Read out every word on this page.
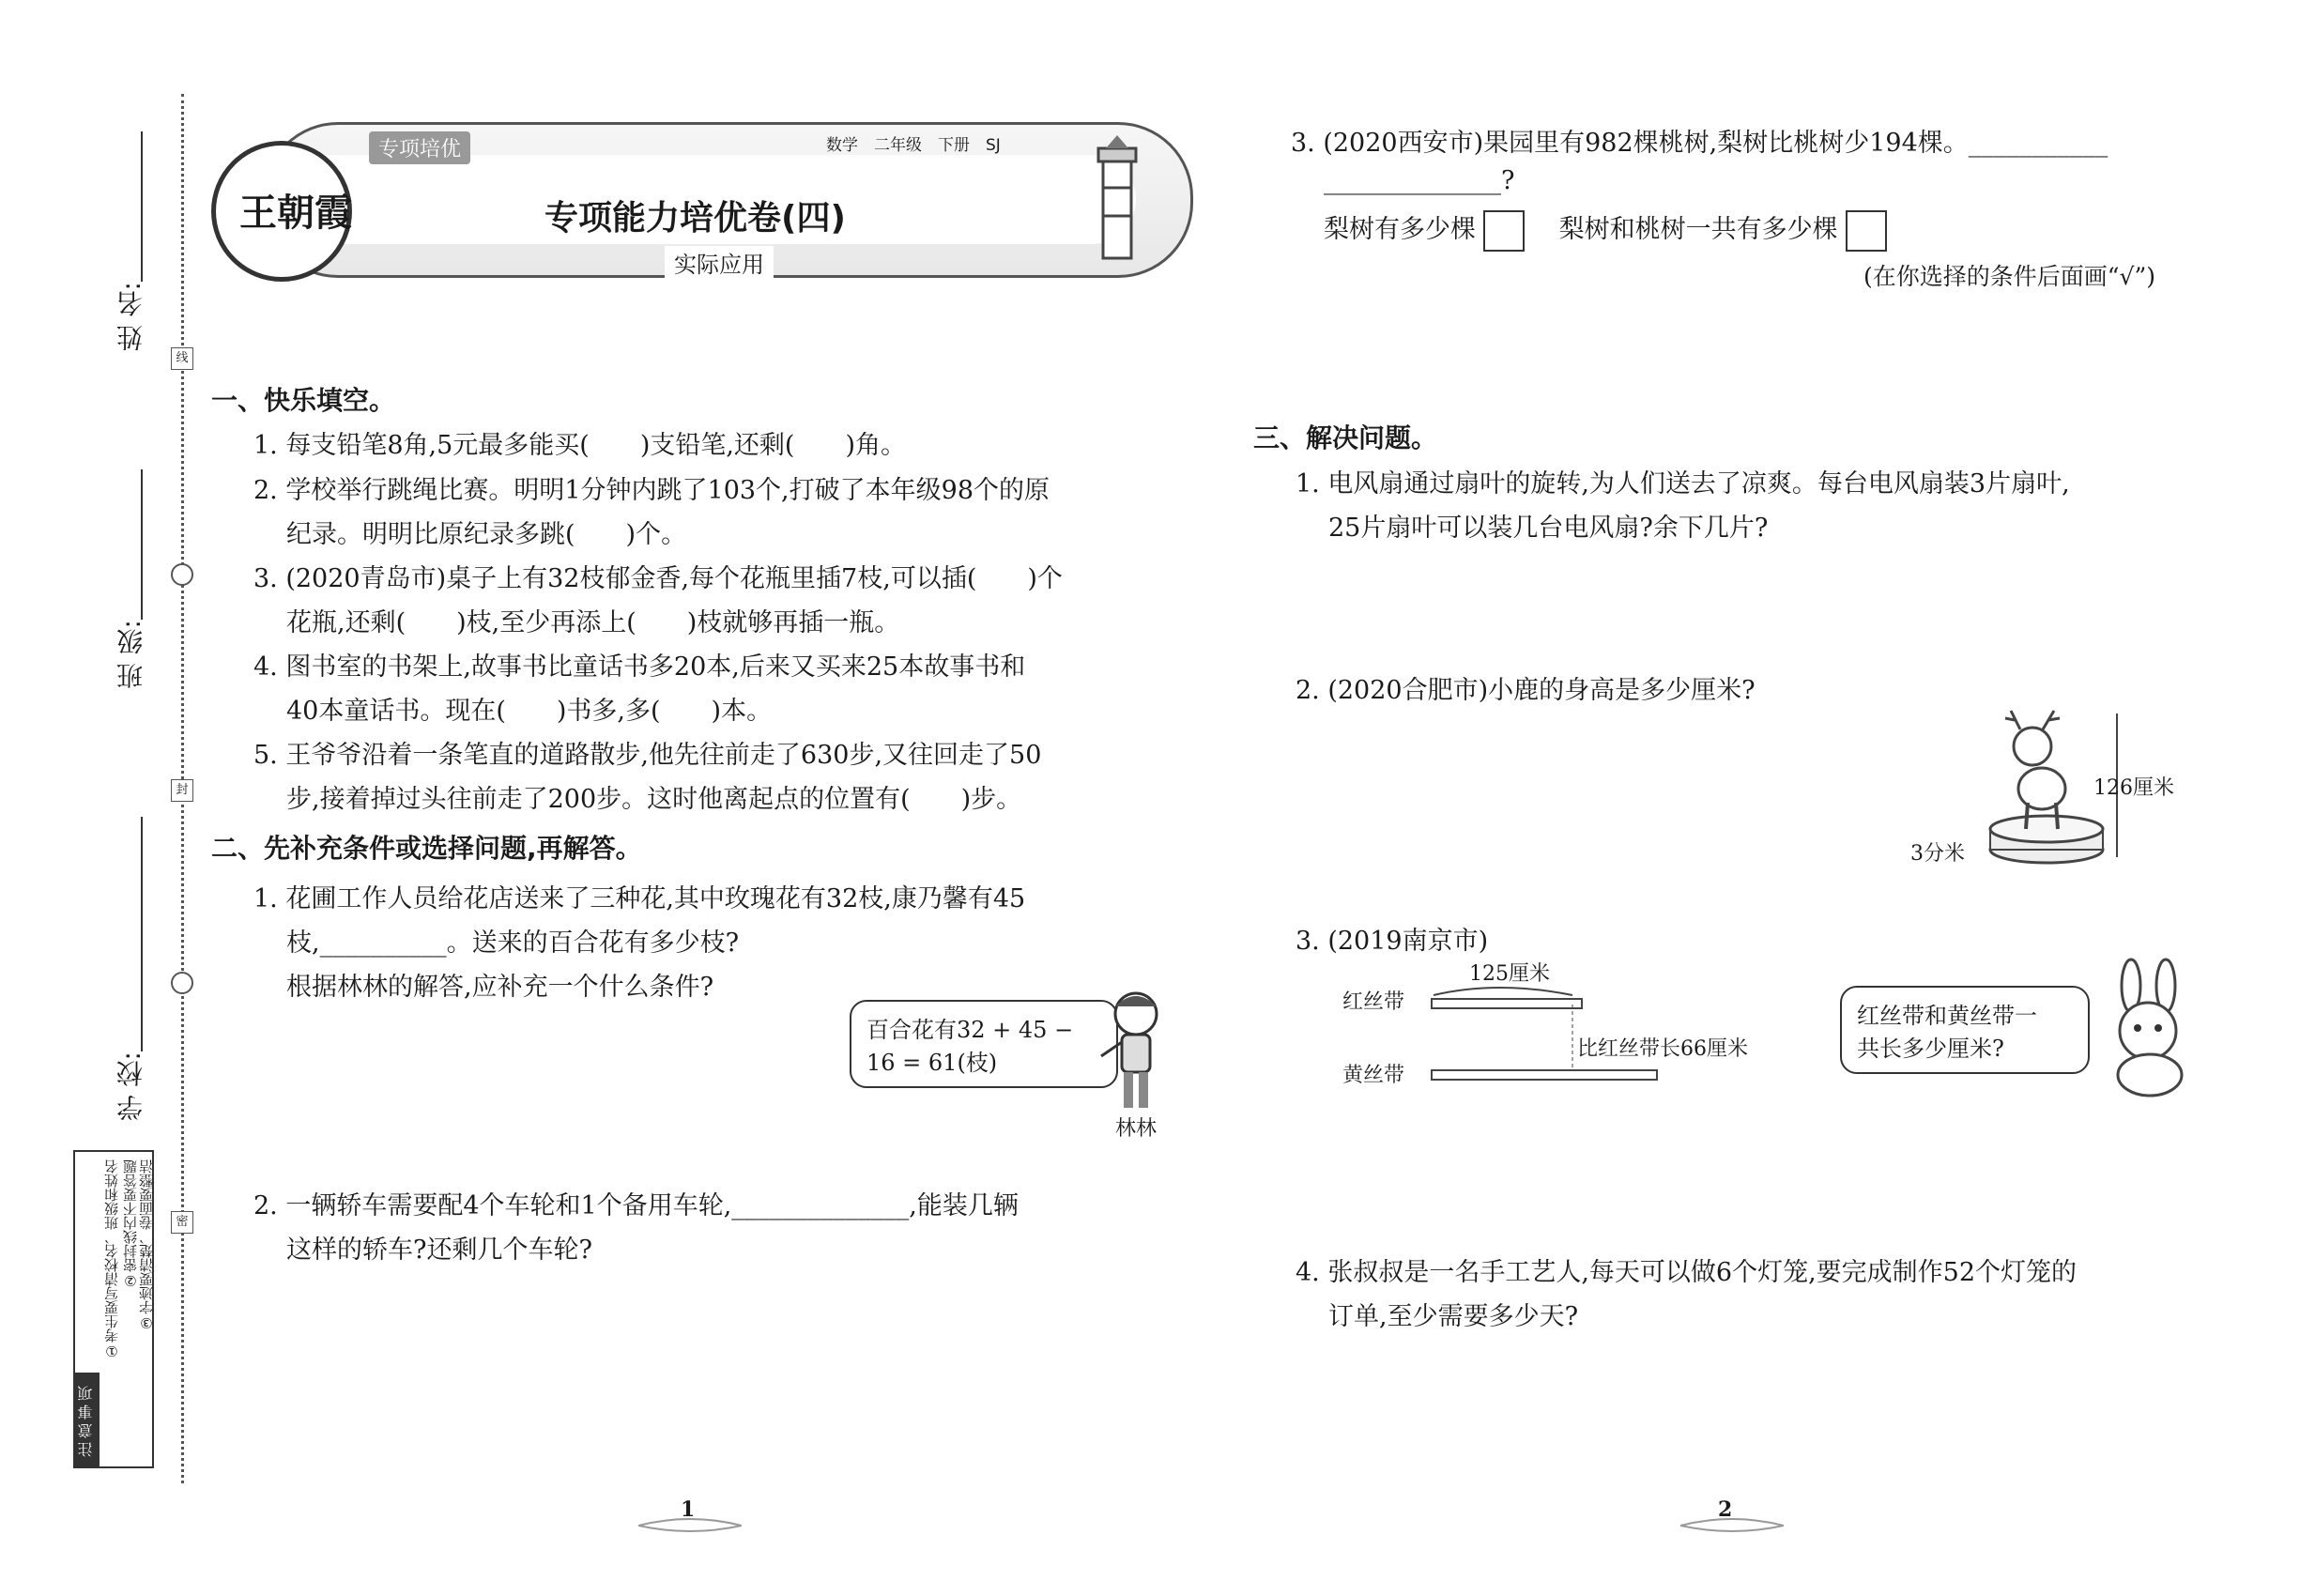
姓 名:
班 级:
学 校:
线
封
密
注意事项
①考生要写清校名、班级和姓名 ②密封线内不要答题 ③字迹要清楚、卷面要整洁
王朝霞
专项培优	数学　二年级　下册　SJ
专项能力培优卷(四)
实际应用
一、快乐填空。
1. 每支铅笔8角,5元最多能买(　　)支铅笔,还剩(　　)角。
2. 学校举行跳绳比赛。明明1分钟内跳了103个,打破了本年级98个的原
纪录。明明比原纪录多跳(　　)个。
3. (2020青岛市)桌子上有32枝郁金香,每个花瓶里插7枝,可以插(　　)个
花瓶,还剩(　　)枝,至少再添上(　　)枝就够再插一瓶。
4. 图书室的书架上,故事书比童话书多20本,后来又买来25本故事书和
40本童话书。现在(　　)书多,多(　　)本。
5. 王爷爷沿着一条笔直的道路散步,他先往前走了630步,又往回走了50
步,接着掉过头往前走了200步。这时他离起点的位置有(　　)步。
二、先补充条件或选择问题,再解答。
1. 花圃工作人员给花店送来了三种花,其中玫瑰花有32枝,康乃馨有45
枝,__________。送来的百合花有多少枝?
根据林林的解答,应补充一个什么条件?
百合花有32 + 45 −
16 = 61(枝)
林林
2. 一辆轿车需要配4个车轮和1个备用车轮,______________,能装几辆
这样的轿车?还剩几个车轮?
1
3. (2020西安市)果园里有982棵桃树,梨树比桃树少194棵。___________
______________?
梨树有多少棵	梨树和桃树一共有多少棵
(在你选择的条件后面画“√”)
三、解决问题。
1. 电风扇通过扇叶的旋转,为人们送去了凉爽。每台电风扇装3片扇叶,
25片扇叶可以装几台电风扇?余下几片?
2. (2020合肥市)小鹿的身高是多少厘米?
126厘米
3分米
3. (2019南京市)
红丝带
125厘米
黄丝带
比红丝带长66厘米
红丝带和黄丝带一
共长多少厘米?
4. 张叔叔是一名手工艺人,每天可以做6个灯笼,要完成制作52个灯笼的
订单,至少需要多少天?
2
